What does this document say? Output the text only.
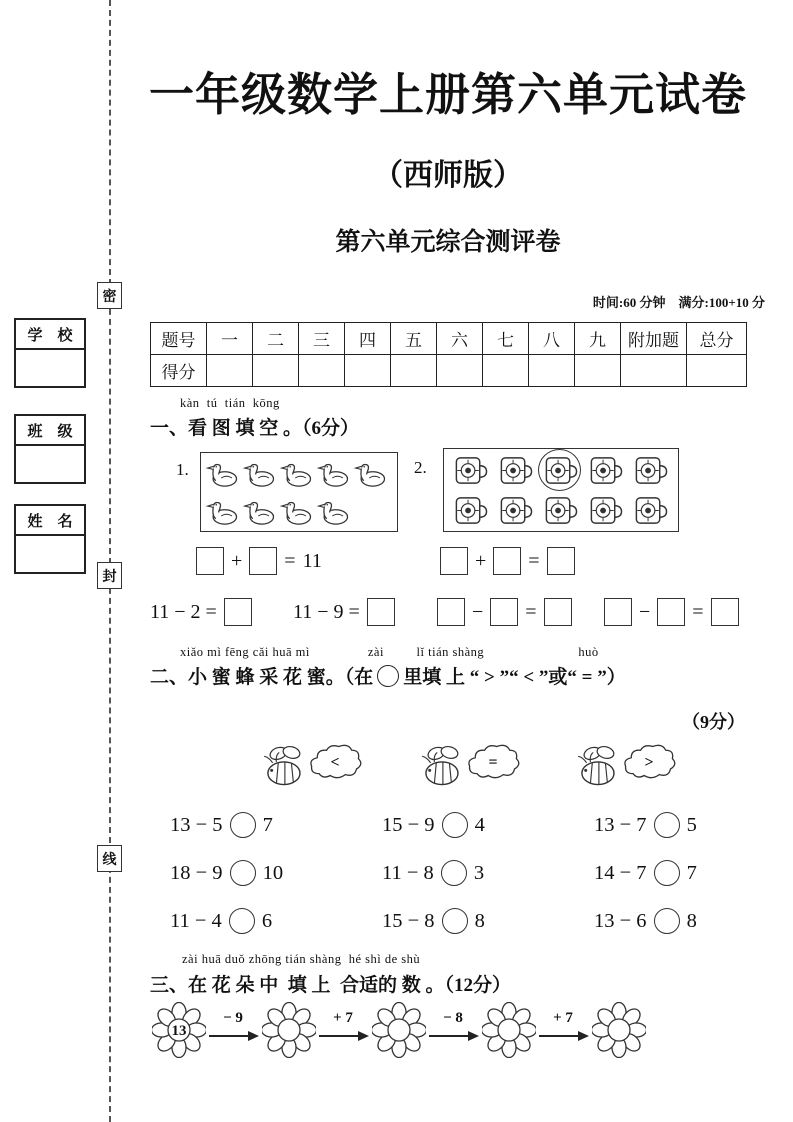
密
封
线
学　校
班　级
姓　名
一年级数学上册第六单元试卷
（西师版）
第六单元综合测评卷
时间:60 分钟　满分:100+10 分
题号	一	二	三	四	五	六	七	八	九	附加题	总分
得分											
kàn  tú  tián  kōng
一、看 图 填 空 。（6分）
1.	2.
+ = 11	+ =
11 − 2 =	11 − 9 =	− =	− =
xiǎo mì fēng cǎi huā mì                zài         lǐ tián shàng                          huò
二、小 蜜 蜂 采 花 蜜。（在 里填 上 “ > ”“ < ”或“ = ”）
（9分）
<	=	>
13 − 5 7	15 − 9 4	13 − 7 5
18 − 9 10	11 − 8 3	14 − 7 7
11 − 4 6	15 − 8 8	13 − 6 8
zài huā duǒ zhōng tián shàng  hé shì de shù
三、在 花 朵 中  填 上  合适的 数 。（12分）
13
− 9	+ 7	− 8	+ 7
